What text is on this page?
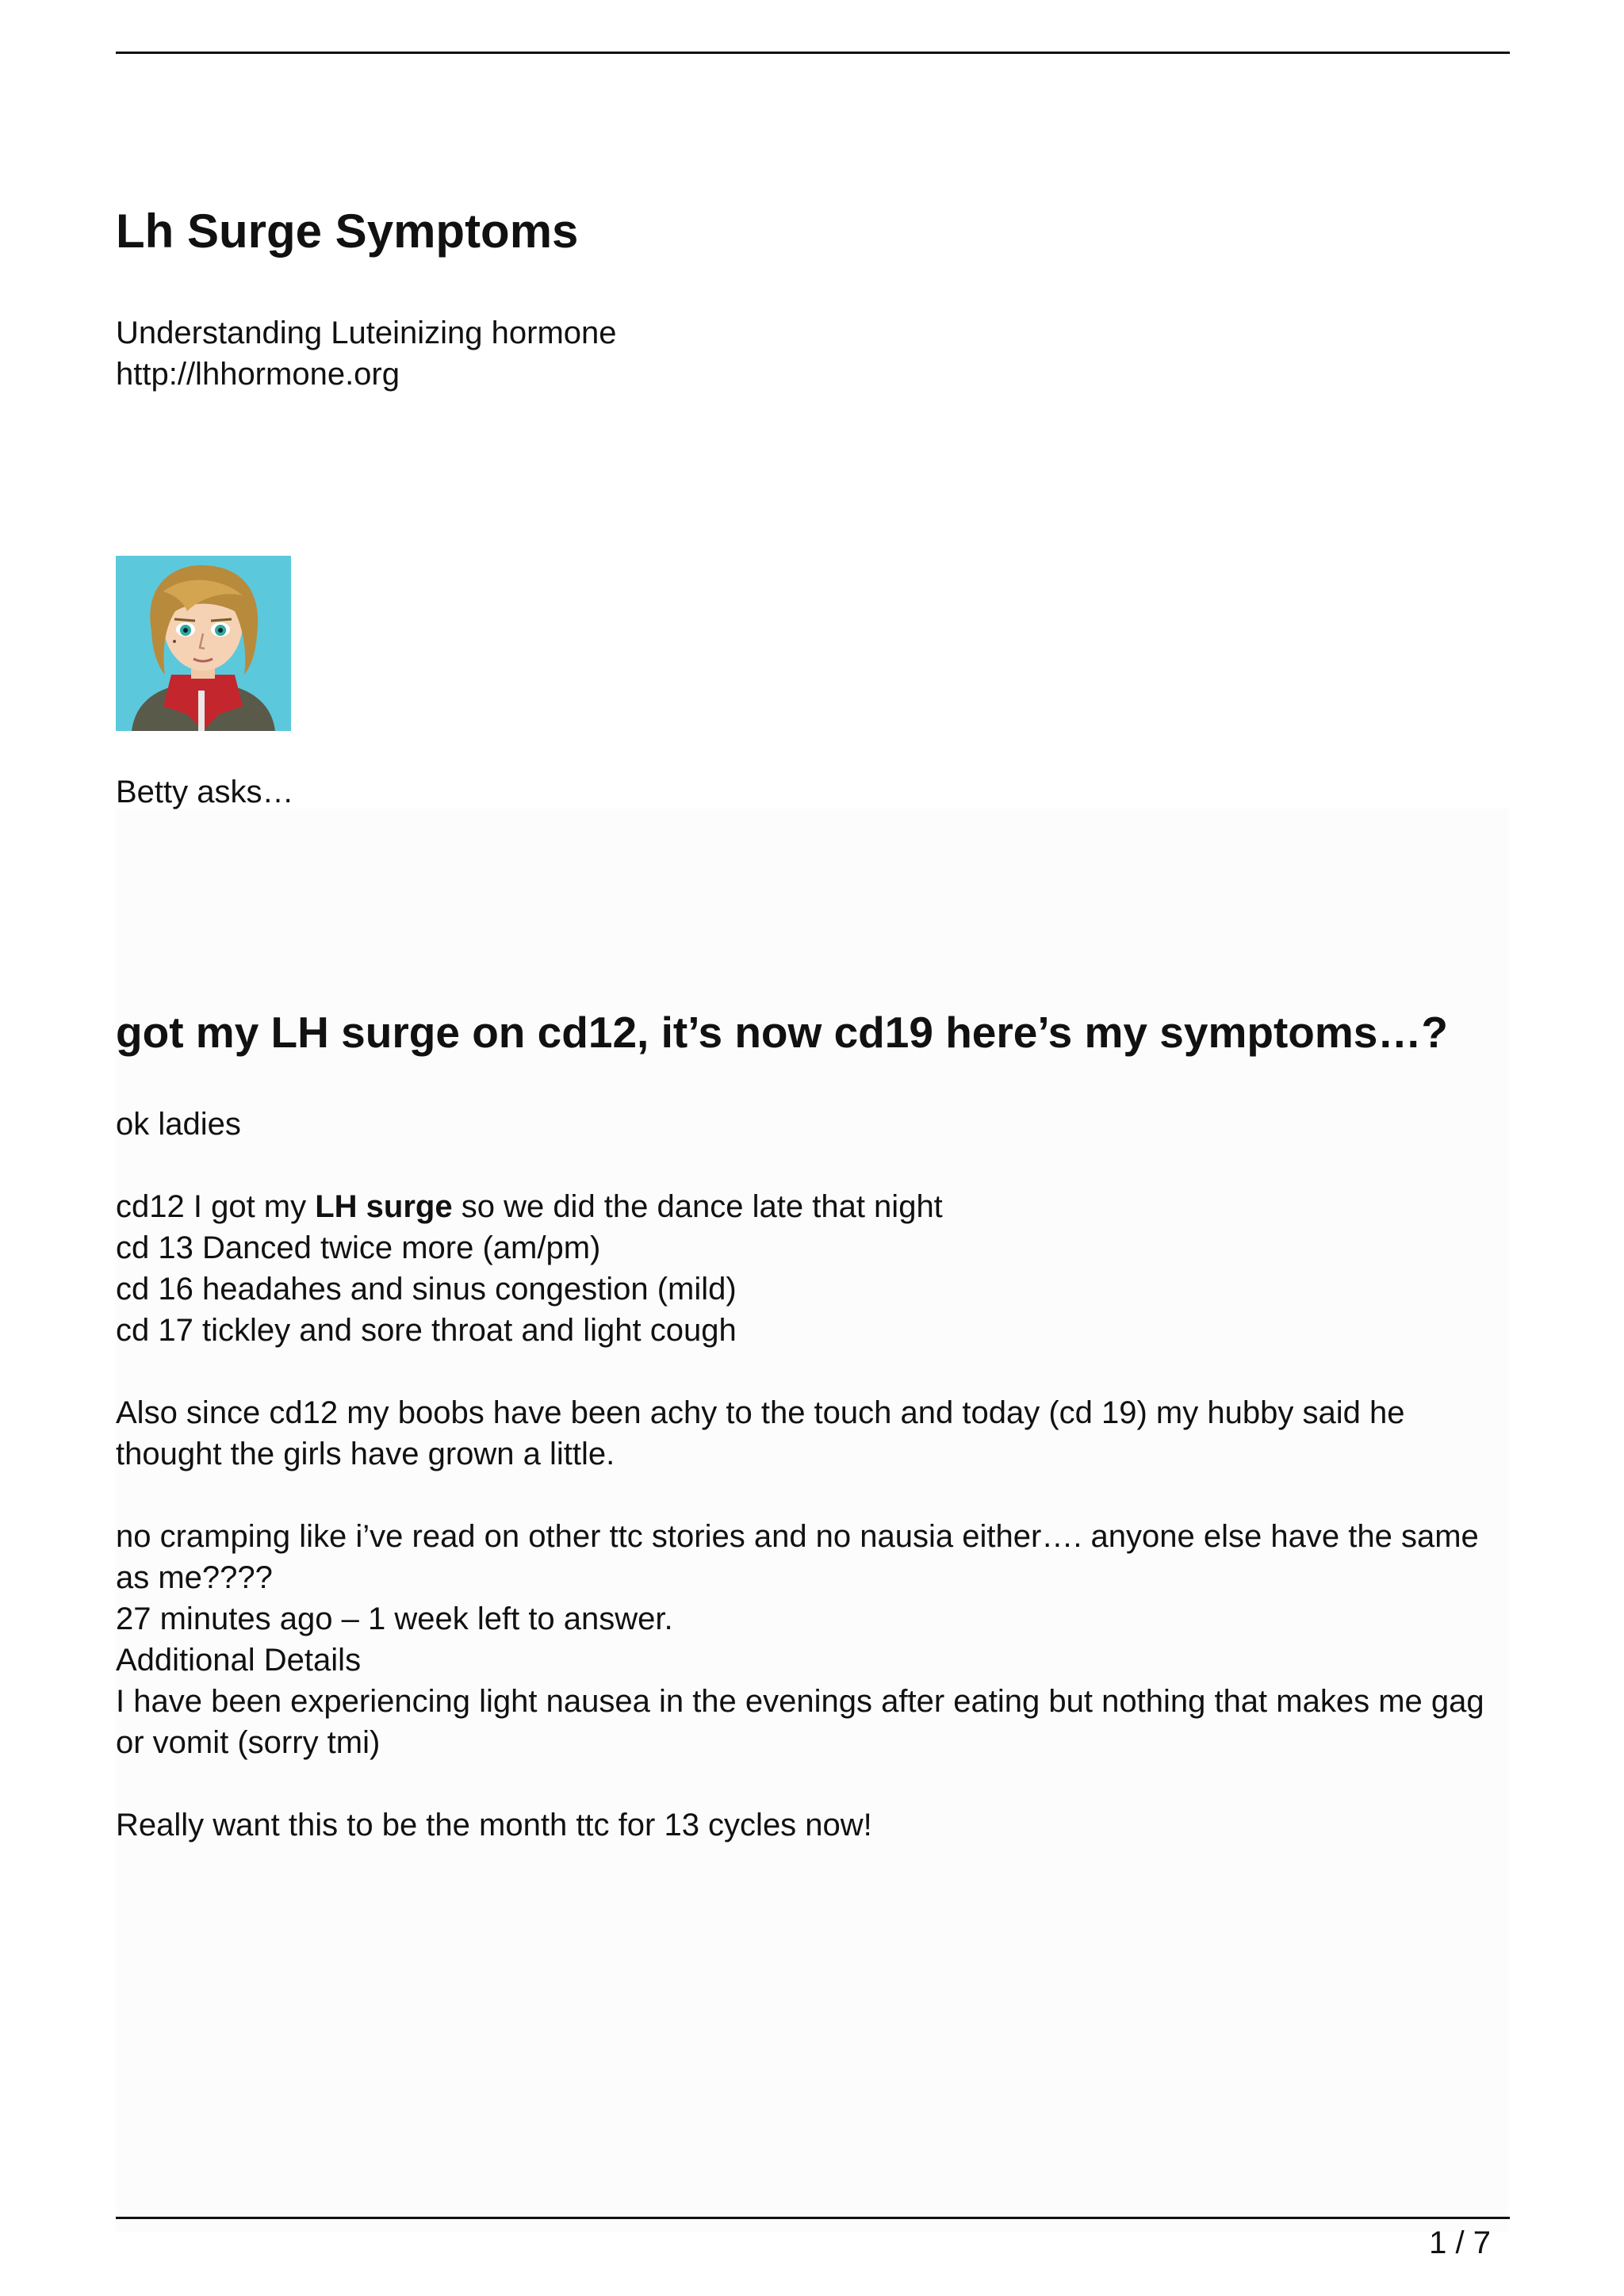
Lh Surge Symptoms
Understanding Luteinizing hormone
http://lhhormone.org
Betty asks…
got my LH surge on cd12, it’s now cd19 here’s my symptoms…?

ok ladies

cd12 I got my LH surge so we did the dance late that night

cd 13 Danced twice more (am/pm)

cd 16 headahes and sinus congestion (mild)

cd 17 tickley and sore throat and light cough

Also since cd12 my boobs have been achy to the touch and today (cd 19) my hubby said he thought the girls have grown a little.

no cramping like i’ve read on other ttc stories and no nausia either…. anyone else have the same as me????

27 minutes ago – 1 week left to answer.

Additional Details

I have been experiencing light nausea in the evenings after eating but nothing that makes me gag or vomit (sorry tmi)

Really want this to be the month ttc for 13 cycles now!

1 / 7
